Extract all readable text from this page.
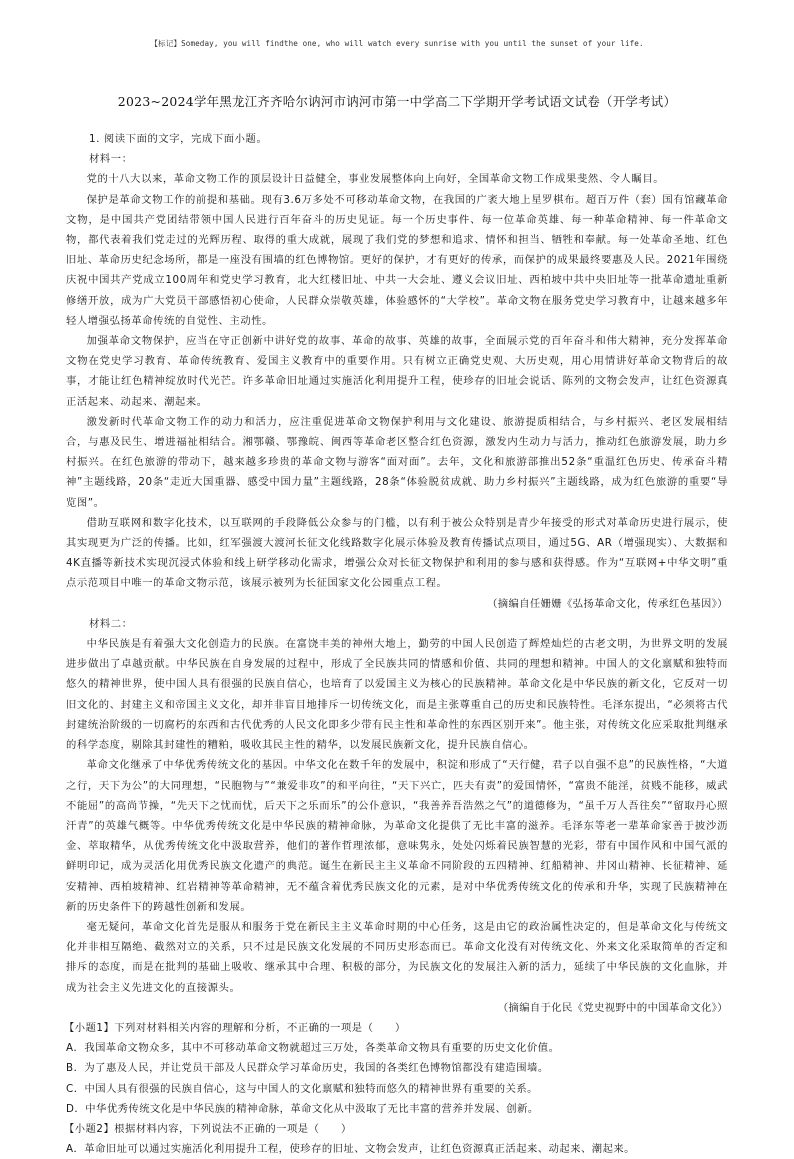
【标记】Someday, you will findthe one, who will watch every sunrise with you until the sunset of your life.
2023~2024学年黑龙江齐齐哈尔讷河市讷河市第一中学高二下学期开学考试语文试卷（开学考试）

1. 阅读下面的文字，完成下面小题。

材料一：

党的十八大以来，革命文物工作的顶层设计日益健全，事业发展整体向上向好，全国革命文物工作成果斐然、令人瞩目。

保护是革命文物工作的前提和基础。现有3.6万多处不可移动革命文物，在我国的广袤大地上星罗棋布。超百万件（套）国有馆藏革命文物，是中国共产党团结带领中国人民进行百年奋斗的历史见证。每一个历史事件、每一位革命英雄、每一种革命精神、每一件革命文物，都代表着我们党走过的光辉历程、取得的重大成就，展现了我们党的梦想和追求、情怀和担当、牺牲和奉献。每一处革命圣地、红色旧址、革命历史纪念场所，都是一座没有围墙的红色博物馆。更好的保护，才有更好的传承，而保护的成果最终要惠及人民。2021年围绕庆祝中国共产党成立100周年和党史学习教育，北大红楼旧址、中共一大会址、遵义会议旧址、西柏坡中共中央旧址等一批革命遗址重新修缮开放，成为广大党员干部感悟初心使命，人民群众崇敬英雄，体验感怀的“大学校”。革命文物在服务党史学习教育中，让越来越多年轻人增强弘扬革命传统的自觉性、主动性。

加强革命文物保护，应当在守正创新中讲好党的故事、革命的故事、英雄的故事，全面展示党的百年奋斗和伟大精神，充分发挥革命文物在党史学习教育、革命传统教育、爱国主义教育中的重要作用。只有树立正确党史观、大历史观，用心用情讲好革命文物背后的故事，才能让红色精神绽放时代光芒。许多革命旧址通过实施活化利用提升工程，使珍存的旧址会说话、陈列的文物会发声，让红色资源真正活起来、动起来、潮起来。

激发新时代革命文物工作的动力和活力，应注重促进革命文物保护利用与文化建设、旅游提质相结合，与乡村振兴、老区发展相结合，与惠及民生、增进福祉相结合。湘鄂赣、鄂豫皖、闽西等革命老区整合红色资源，激发内生动力与活力，推动红色旅游发展，助力乡村振兴。在红色旅游的带动下，越来越多珍贵的革命文物与游客“面对面”。去年，文化和旅游部推出52条“重温红色历史、传承奋斗精神”主题线路，20条“走近大国重器、感受中国力量”主题线路，28条“体验脱贫成就、助力乡村振兴”主题线路，成为红色旅游的重要“导览图”。

借助互联网和数字化技术，以互联网的手段降低公众参与的门槛，以有利于被公众特别是青少年接受的形式对革命历史进行展示，使其实现更为广泛的传播。比如，红军强渡大渡河长征文化线路数字化展示体验及教育传播试点项目，通过5G、AR（增强现实）、大数据和4K直播等新技术实现沉浸式体验和线上研学移动化需求，增强公众对长征文物保护和利用的参与感和获得感。作为“互联网+中华文明”重点示范项目中唯一的革命文物示范，该展示被列为长征国家文化公园重点工程。

（摘编自任姗姗《弘扬革命文化，传承红色基因》）

材料二：

中华民族是有着强大文化创造力的民族。在富饶丰美的神州大地上，勤劳的中国人民创造了辉煌灿烂的古老文明，为世界文明的发展进步做出了卓越贡献。中华民族在自身发展的过程中，形成了全民族共同的情感和价值、共同的理想和精神。中国人的文化禀赋和独特而悠久的精神世界，使中国人具有很强的民族自信心，也培育了以爱国主义为核心的民族精神。革命文化是中华民族的新文化，它反对一切旧文化的、封建主义和帝国主义文化，却并非盲目地排斥一切传统文化，而是主张尊重自己的历史和民族特性。毛泽东提出，“必须将古代封建统治阶级的一切腐朽的东西和古代优秀的人民文化即多少带有民主性和革命性的东西区别开来”。他主张，对传统文化应采取批判继承的科学态度，剔除其封建性的糟粕，吸收其民主性的精华，以发展民族新文化，提升民族自信心。

革命文化继承了中华优秀传统文化的基因。中华文化在数千年的发展中，积淀和形成了“天行健，君子以自强不息”的民族性格，“大道之行，天下为公”的大同理想，“民胞物与”“兼爱非攻”的和平向往，“天下兴亡，匹夫有责”的爱国情怀，“富贵不能淫，贫贱不能移，威武不能屈”的高尚节操，“先天下之忧而忧，后天下之乐而乐”的公仆意识，“我善养吾浩然之气”的道德修为，“虽千万人吾往矣”“留取丹心照汗青”的英雄气概等。中华优秀传统文化是中华民族的精神命脉，为革命文化提供了无比丰富的滋养。毛泽东等老一辈革命家善于披沙沥金、萃取精华，从优秀传统文化中汲取营养，他们的著作哲理浓郁，意味隽永，处处闪烁着民族智慧的光彩，带有中国作风和中国气派的鲜明印记，成为灵活化用优秀民族文化遗产的典范。诞生在新民主主义革命不同阶段的五四精神、红船精神、井冈山精神、长征精神、延安精神、西柏坡精神、红岩精神等革命精神，无不蕴含着优秀民族文化的元素，是对中华优秀传统文化的传承和升华，实现了民族精神在新的历史条件下的跨越性创新和发展。

毫无疑问，革命文化首先是服从和服务于党在新民主主义革命时期的中心任务，这是由它的政治属性决定的，但是革命文化与传统文化并非相互隔绝、截然对立的关系，只不过是民族文化发展的不同历史形态而已。革命文化没有对传统文化、外来文化采取简单的否定和排斥的态度，而是在批判的基础上吸收、继承其中合理、积极的部分，为民族文化的发展注入新的活力，延续了中华民族的文化血脉，并成为社会主义先进文化的直接源头。

（摘编自于化民《党史视野中的中国革命文化》）

【小题1】下列对材料相关内容的理解和分析，不正确的一项是（　　）

A．我国革命文物众多，其中不可移动革命文物就超过三万处，各类革命文物具有重要的历史文化价值。

B．为了惠及人民，并让党员干部及人民群众学习革命历史，我国的各类红色博物馆都没有建造围墙。

C．中国人具有很强的民族自信心，这与中国人的文化禀赋和独特而悠久的精神世界有重要的关系。

D．中华优秀传统文化是中华民族的精神命脉，革命文化从中汲取了无比丰富的营养并发展、创新。

【小题2】根据材料内容，下列说法不正确的一项是（　　）

A．革命旧址可以通过实施活化利用提升工程，使珍存的旧址、文物会发声，让红色资源真正活起来、动起来、潮起来。
